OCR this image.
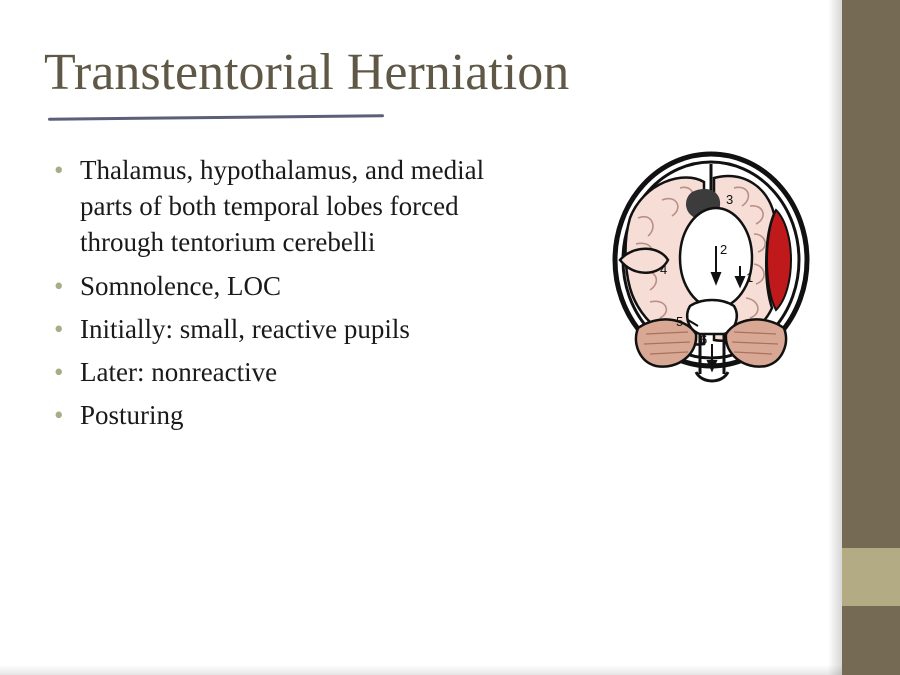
Transtentorial Herniation
• Thalamus, hypothalamus, and medial parts of both temporal lobes forced through tentorium cerebelli
• Somnolence, LOC
• Initially: small, reactive pupils
• Later: nonreactive
• Posturing
1
2
3
4
5
6
